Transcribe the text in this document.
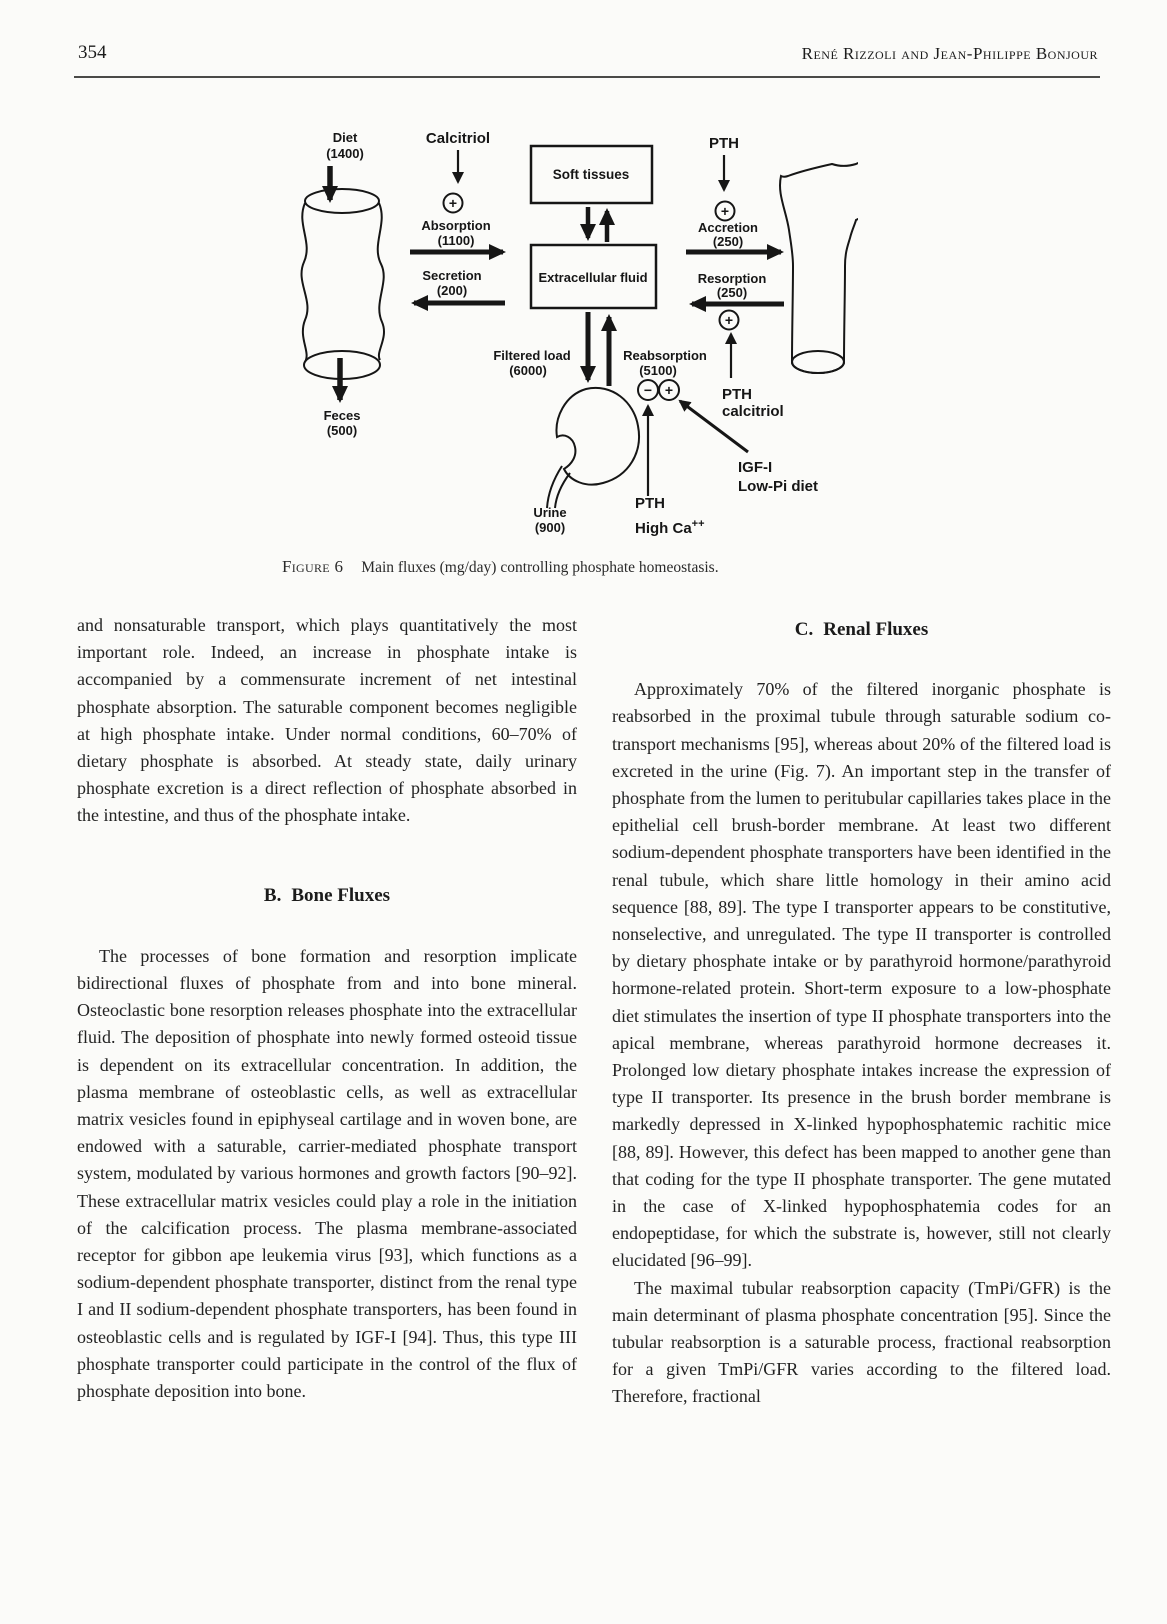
354	René Rizzoli and Jean-Philippe Bonjour
Diet
(1400)
Feces
(500)
Calcitriol
+
Absorption
(1100)
Secretion
(200)
Soft tissues
Extracellular fluid
Filtered load
(6000)
Reabsorption
(5100)
− +
Urine
(900)
PTH
High Ca++
IGF-I
Low-Pi diet
PTH
+
Accretion
(250)
Resorption
(250)
+
PTH
calcitriol
Figure 6 Main fluxes (mg/day) controlling phosphate homeostasis.

and nonsaturable transport, which plays quantitatively the most important role. Indeed, an increase in phosphate intake is accompanied by a commensurate increment of net intestinal phosphate absorption. The saturable component becomes negligible at high phosphate intake. Under normal conditions, 60–70% of dietary phosphate is absorbed. At steady state, daily urinary phosphate excretion is a direct reflection of phosphate absorbed in the intestine, and thus of the phosphate intake.

B. Bone Fluxes

The processes of bone formation and resorption implicate bidirectional fluxes of phosphate from and into bone mineral. Osteoclastic bone resorption releases phosphate into the extracellular fluid. The deposition of phosphate into newly formed osteoid tissue is dependent on its extracellular concentration. In addition, the plasma membrane of osteoblastic cells, as well as extracellular matrix vesicles found in epiphyseal cartilage and in woven bone, are endowed with a saturable, carrier-mediated phosphate transport system, modulated by various hormones and growth factors [90–92]. These extracellular matrix vesicles could play a role in the initiation of the calcification process. The plasma membrane-associated receptor for gibbon ape leukemia virus [93], which functions as a sodium-dependent phosphate transporter, distinct from the renal type I and II sodium-dependent phosphate transporters, has been found in osteoblastic cells and is regulated by IGF-I [94]. Thus, this type III phosphate transporter could participate in the control of the flux of phosphate deposition into bone.

C. Renal Fluxes

Approximately 70% of the filtered inorganic phosphate is reabsorbed in the proximal tubule through saturable sodium co-transport mechanisms [95], whereas about 20% of the filtered load is excreted in the urine (Fig. 7). An important step in the transfer of phosphate from the lumen to peritubular capillaries takes place in the epithelial cell brush-border membrane. At least two different sodium-dependent phosphate transporters have been identified in the renal tubule, which share little homology in their amino acid sequence [88, 89]. The type I transporter appears to be constitutive, nonselective, and unregulated. The type II transporter is controlled by dietary phosphate intake or by parathyroid hormone/parathyroid hormone-related protein. Short-term exposure to a low-phosphate diet stimulates the insertion of type II phosphate transporters into the apical membrane, whereas parathyroid hormone decreases it. Prolonged low dietary phosphate intakes increase the expression of type II transporter. Its presence in the brush border membrane is markedly depressed in X-linked hypophosphatemic rachitic mice [88, 89]. However, this defect has been mapped to another gene than that coding for the type II phosphate transporter. The gene mutated in the case of X-linked hypophosphatemia codes for an endopeptidase, for which the substrate is, however, still not clearly elucidated [96–99].

The maximal tubular reabsorption capacity (TmPi/GFR) is the main determinant of plasma phosphate concentration [95]. Since the tubular reabsorption is a saturable process, fractional reabsorption for a given TmPi/GFR varies according to the filtered load. Therefore, fractional
